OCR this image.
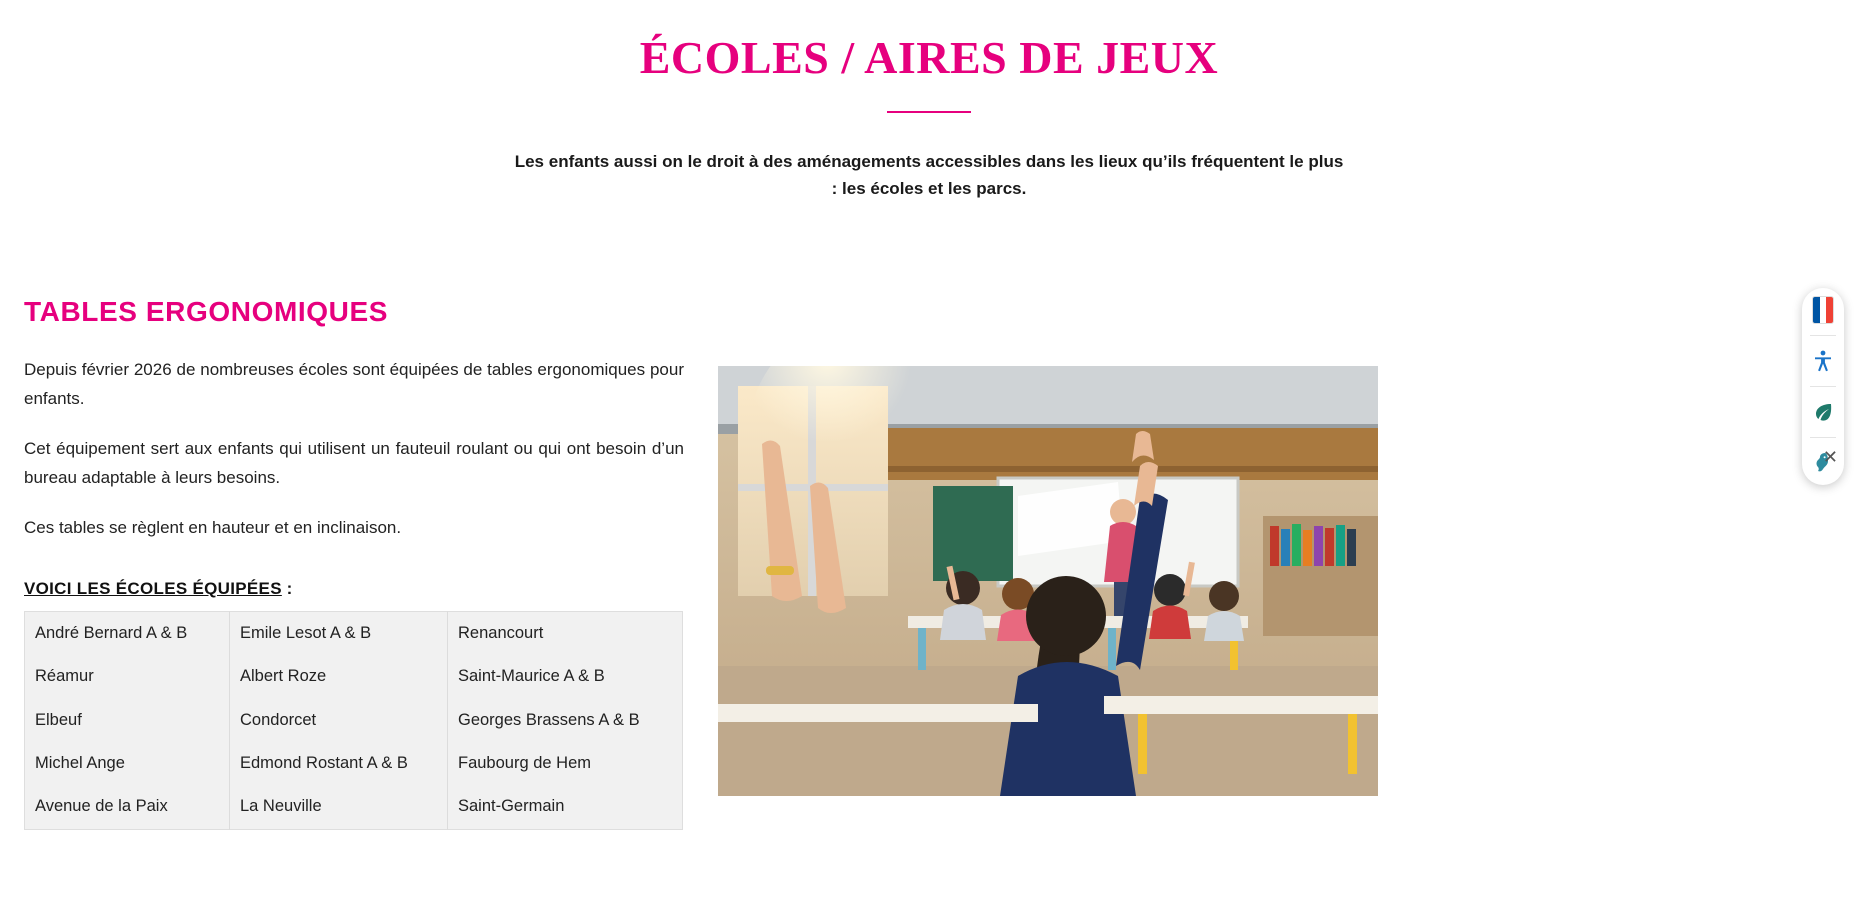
ÉCOLES / AIRES DE JEUX
Les enfants aussi on le droit à des aménagements accessibles dans les lieux qu’ils fréquentent le plus
: les écoles et les parcs.
TABLES ERGONOMIQUES

Depuis février 2026 de nombreuses écoles sont équipées de tables ergonomiques pour enfants.

Cet équipement sert aux enfants qui utilisent un fauteuil roulant ou qui ont besoin d’un bureau adaptable à leurs besoins.

Ces tables se règlent en hauteur et en inclinaison.

VOICI LES ÉCOLES ÉQUIPÉES :
André Bernard A & B	Emile Lesot A & B	Renancourt
Réamur	Albert Roze	Saint-Maurice A & B
Elbeuf	Condorcet	Georges Brassens A & B
Michel Ange	Edmond Rostant A & B	Faubourg de Hem
Avenue de la Paix	La Neuville	Saint-Germain
✕
